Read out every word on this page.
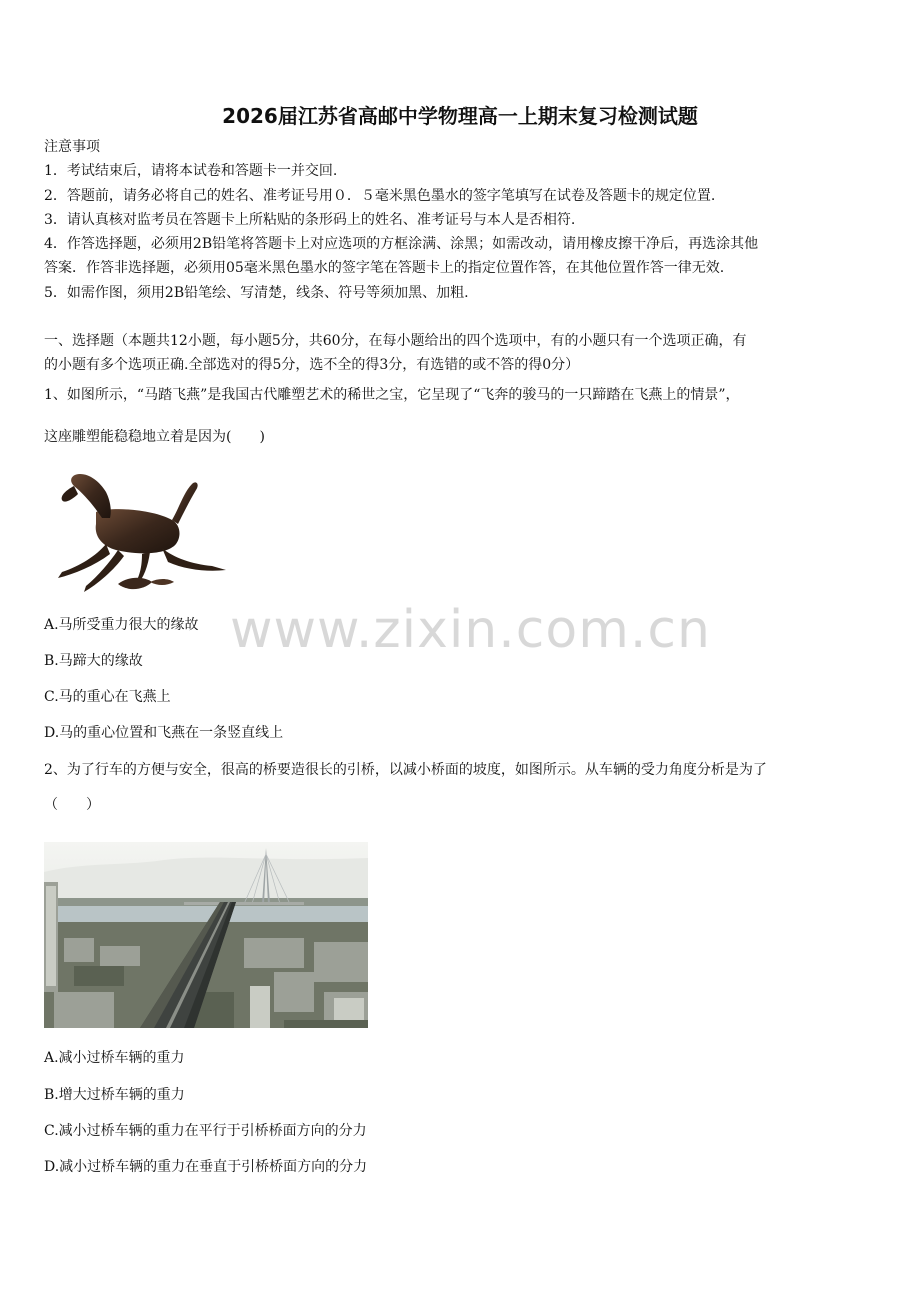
2026届江苏省高邮中学物理高一上期末复习检测试题
注意事项
1．考试结束后，请将本试卷和答题卡一并交回.
2．答题前，请务必将自己的姓名、准考证号用０．５毫米黑色墨水的签字笔填写在试卷及答题卡的规定位置.
3．请认真核对监考员在答题卡上所粘贴的条形码上的姓名、准考证号与本人是否相符.
4．作答选择题，必须用2B铅笔将答题卡上对应选项的方框涂满、涂黑；如需改动，请用橡皮擦干净后，再选涂其他
答案．作答非选择题，必须用05毫米黑色墨水的签字笔在答题卡上的指定位置作答，在其他位置作答一律无效.
5．如需作图，须用2B铅笔绘、写清楚，线条、符号等须加黑、加粗.
一、选择题（本题共12小题，每小题5分，共60分，在每小题给出的四个选项中，有的小题只有一个选项正确，有
的小题有多个选项正确.全部选对的得5分，选不全的得3分，有选错的或不答的得0分）
1、如图所示，“马踏飞燕”是我国古代雕塑艺术的稀世之宝，它呈现了“飞奔的骏马的一只蹄踏在飞燕上的情景”，
这座雕塑能稳稳地立着是因为(　　)
www.zixin.com.cn
A.马所受重力很大的缘故
B.马蹄大的缘故
C.马的重心在飞燕上
D.马的重心位置和飞燕在一条竖直线上
2、为了行车的方便与安全，很高的桥要造很长的引桥，以减小桥面的坡度，如图所示。从车辆的受力角度分析是为了
（　　）
A.减小过桥车辆的重力
B.增大过桥车辆的重力
C.减小过桥车辆的重力在平行于引桥桥面方向的分力
D.减小过桥车辆的重力在垂直于引桥桥面方向的分力
